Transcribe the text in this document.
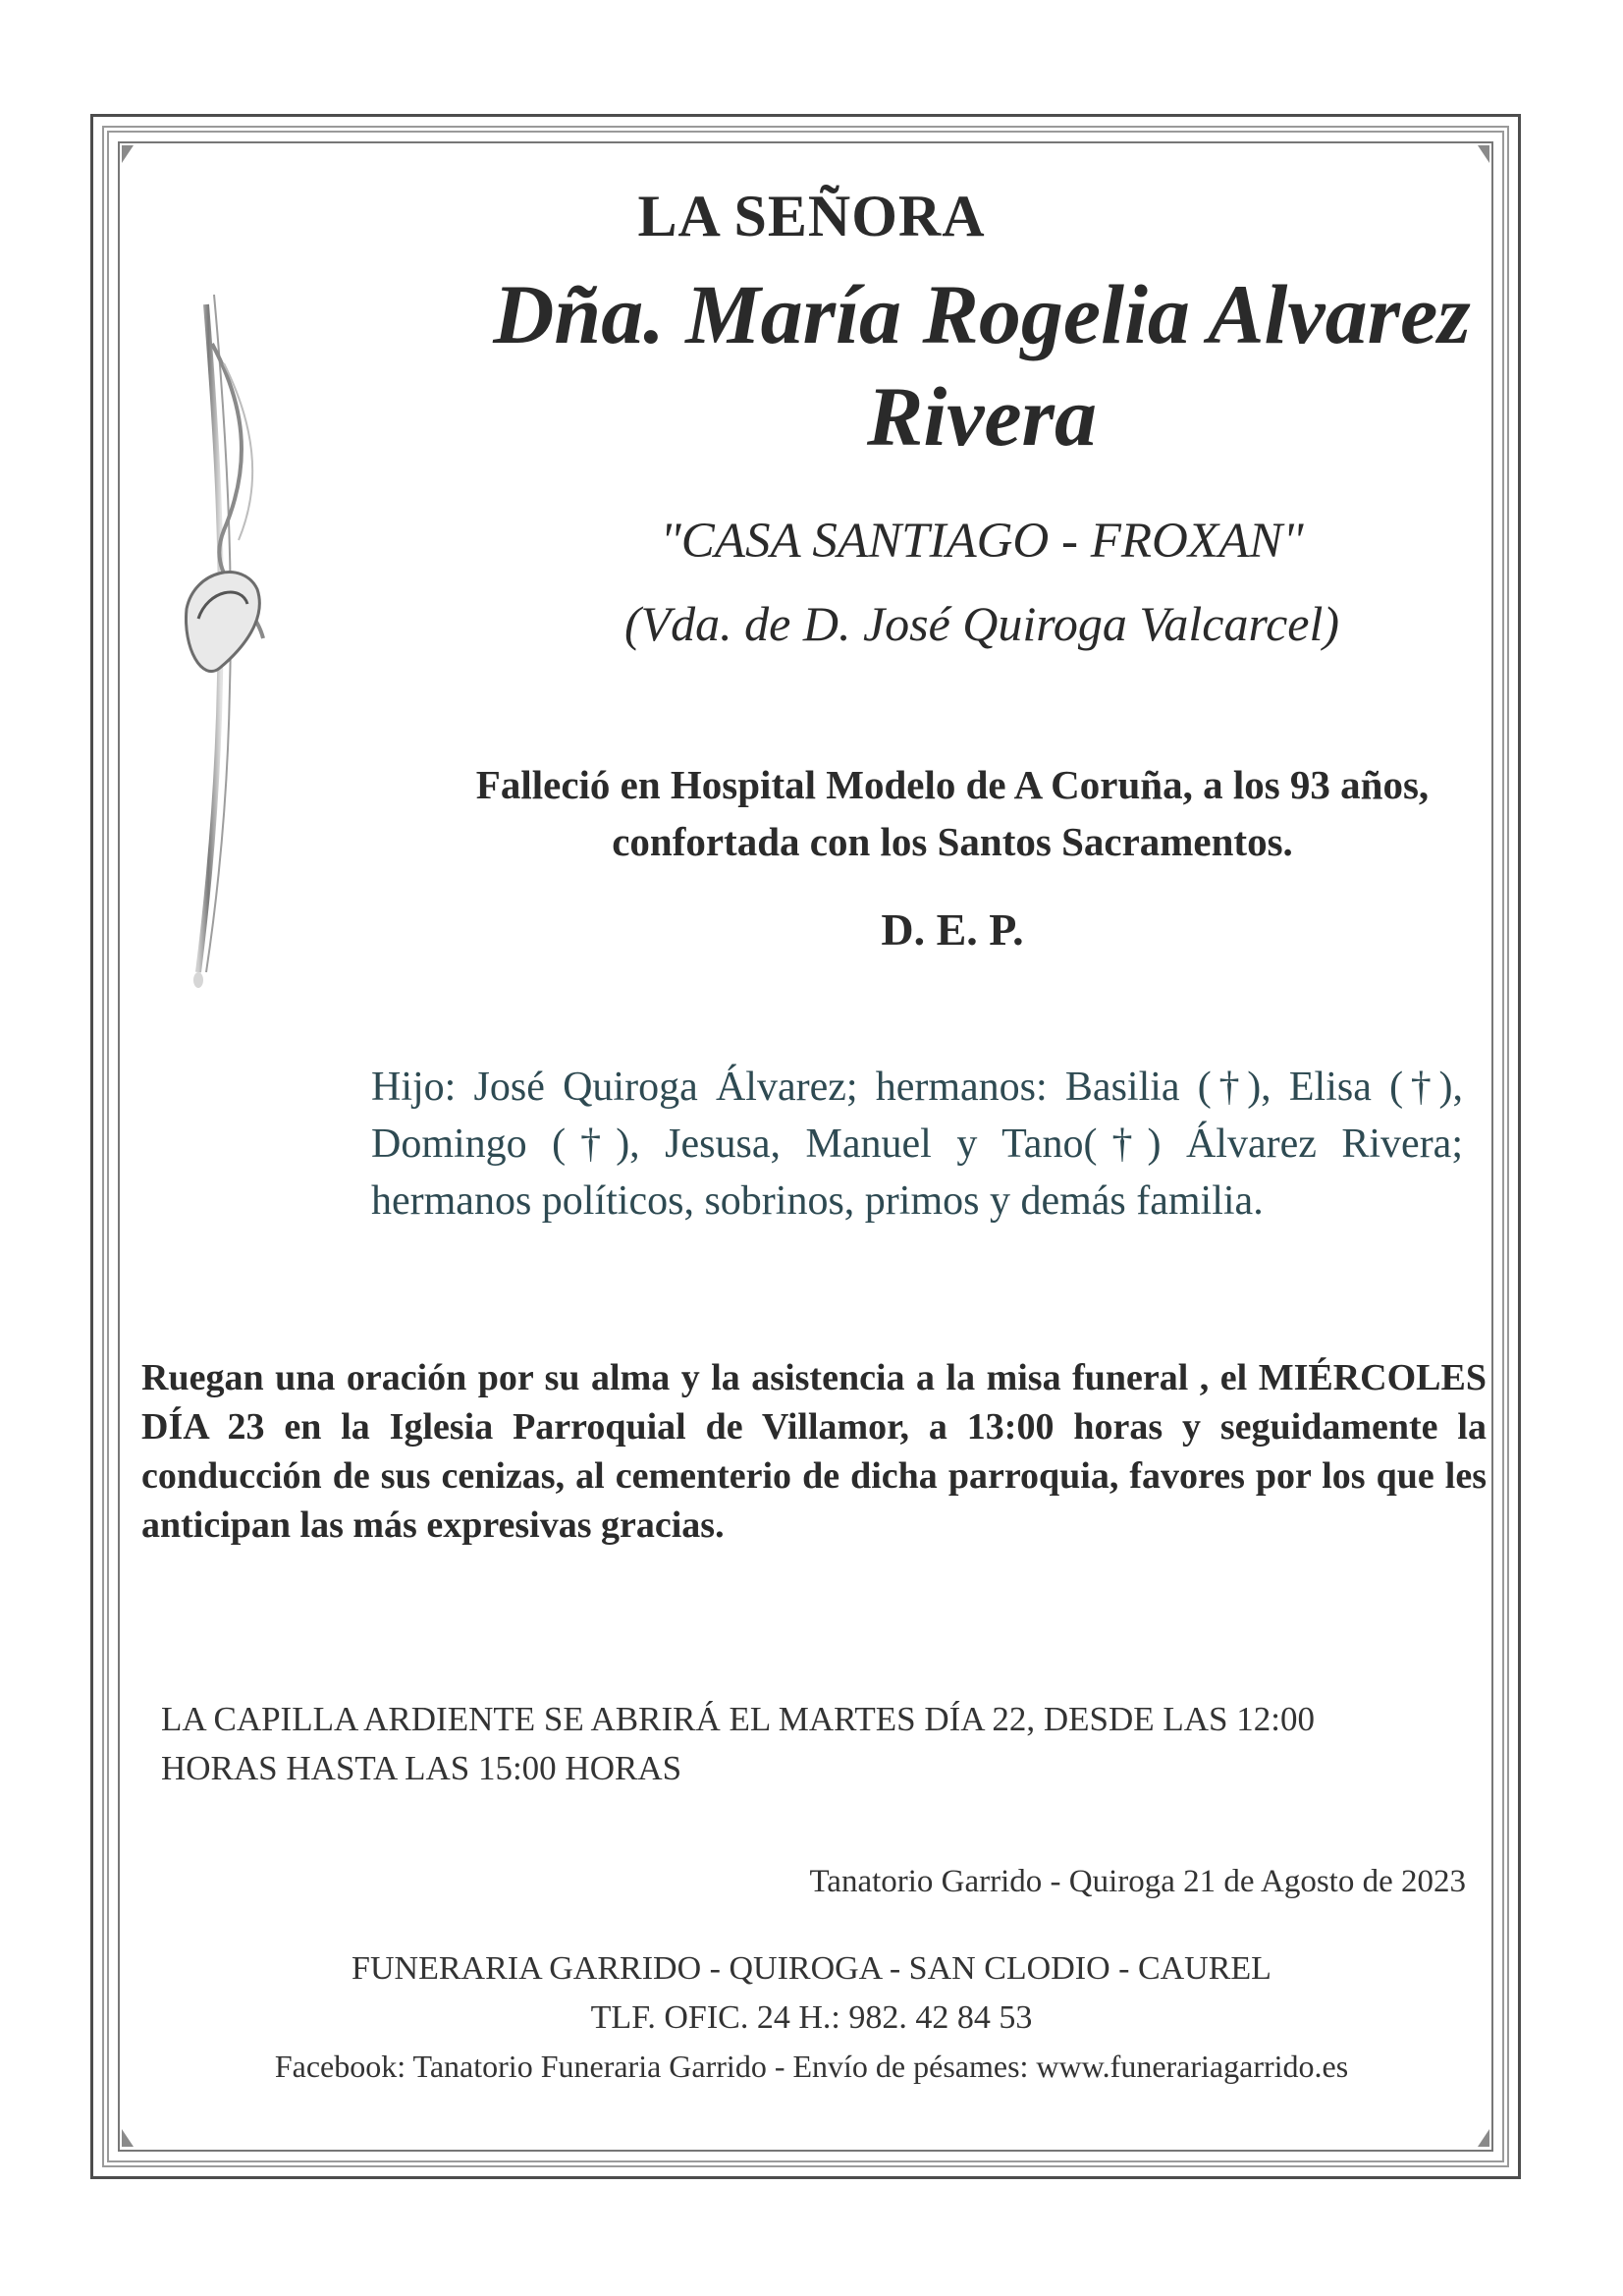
LA SEÑORA

Dña. María Rogelia Alvarez
Rivera

"CASA SANTIAGO - FROXAN"

(Vda. de D. José Quiroga Valcarcel)

Falleció en Hospital Modelo de A Coruña, a los 93 años,
confortada con los Santos Sacramentos.

D. E. P.

Hijo: José Quiroga Álvarez; hermanos: Basilia (†), Elisa (†), Domingo (†), Jesusa, Manuel y Tano(†) Álvarez Rivera; hermanos políticos, sobrinos, primos y demás familia.

Ruegan una oración por su alma y la asistencia a la misa funeral , el MIÉRCOLES DÍA 23 en la Iglesia Parroquial de Villamor, a 13:00 horas y seguidamente la conducción de sus cenizas, al cementerio de dicha parroquia, favores por los que les anticipan las más expresivas gracias.

LA CAPILLA ARDIENTE SE ABRIRÁ EL MARTES DÍA 22, DESDE LAS 12:00 HORAS HASTA LAS 15:00 HORAS

Tanatorio Garrido - Quiroga 21 de Agosto de 2023

FUNERARIA GARRIDO - QUIROGA - SAN CLODIO - CAUREL

TLF. OFIC. 24 H.: 982. 42 84 53

Facebook: Tanatorio Funeraria Garrido - Envío de pésames: www.funerariagarrido.es
